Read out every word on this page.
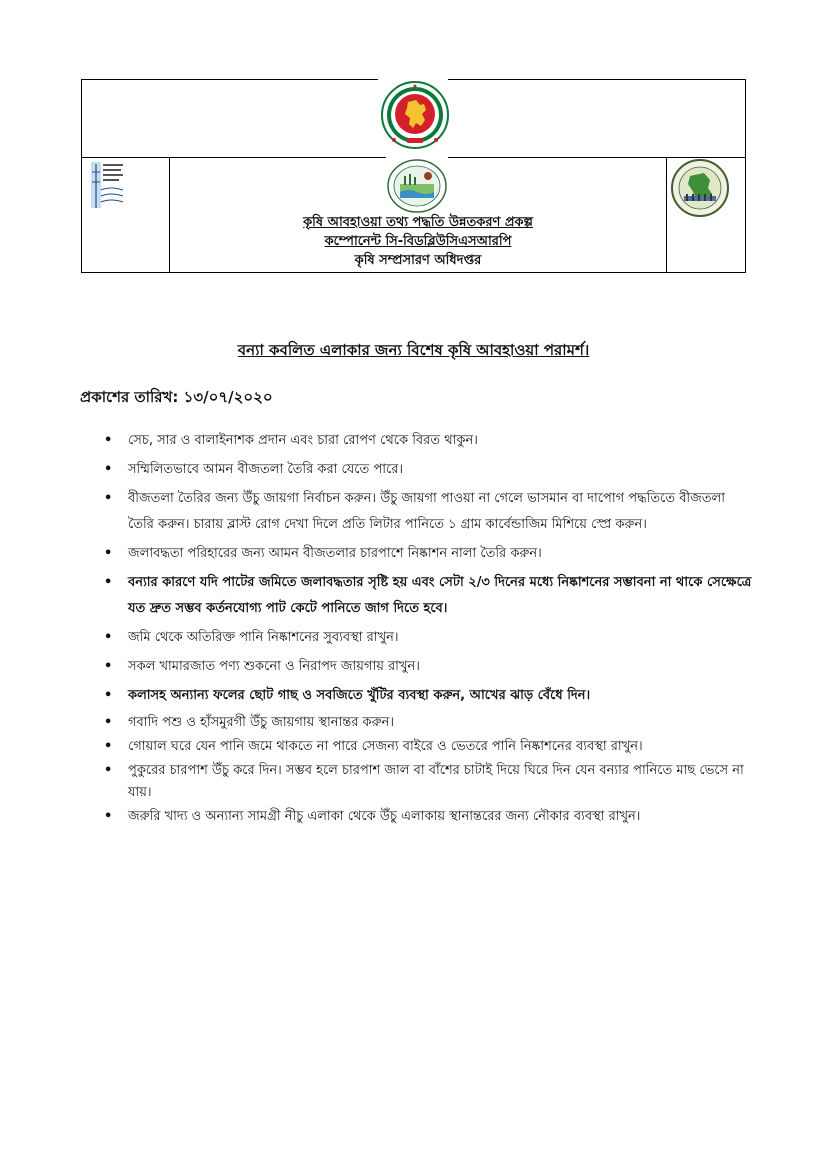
কৃষি আবহাওয়া তথ্য পদ্ধতি উন্নতকরণ প্রকল্প
কম্পোনেন্ট সি-বিডব্লিউসিএসআরপি
কৃষি সম্প্রসারণ অধিদপ্তর
বন্যা কবলিত এলাকার জন্য বিশেষ কৃষি আবহাওয়া পরামর্শ।
প্রকাশের তারিখ: ১৩/০৭/২০২০
• সেচ, সার ও বালাইনাশক প্রদান এবং চারা রোপণ থেকে বিরত থাকুন।
• সম্মিলিতভাবে আমন বীজতলা তৈরি করা যেতে পারে।
• বীজতলা তৈরির জন্য উঁচু জায়গা নির্বাচন করুন। উঁচু জায়গা পাওয়া না গেলে ভাসমান বা দাপোগ পদ্ধতিতে বীজতলা তৈরি করুন। চারায় ব্লাস্ট রোগ দেখা দিলে প্রতি লিটার পানিতে ১ গ্রাম কার্বেন্ডাজিম মিশিয়ে স্প্রে করুন।
• জলাবদ্ধতা পরিহারের জন্য আমন বীজতলার চারপাশে নিষ্কাশন নালা তৈরি করুন।
• বন্যার কারণে যদি পাটের জমিতে জলাবদ্ধতার সৃষ্টি হয় এবং সেটা ২/৩ দিনের মধ্যে নিষ্কাশনের সম্ভাবনা না থাকে সেক্ষেত্রে যত দ্রুত সম্ভব কর্তনযোগ্য পাট কেটে পানিতে জাগ দিতে হবে।
• জমি থেকে অতিরিক্ত পানি নিষ্কাশনের সুব্যবস্থা রাখুন।
• সকল খামারজাত পণ্য শুকনো ও নিরাপদ জায়গায় রাখুন।
• কলাসহ অন্যান্য ফলের ছোট গাছ ও সবজিতে খুঁটির ব্যবস্থা করুন, আখের ঝাড় বেঁধে দিন।
• গবাদি পশু ও হাঁসমুরগী উঁচু জায়গায় স্থানান্তর করুন।
• গোয়াল ঘরে যেন পানি জমে থাকতে না পারে সেজন্য বাইরে ও ভেতরে পানি নিষ্কাশনের ব্যবস্থা রাখুন।
• পুকুরের চারপাশ উঁচু করে দিন। সম্ভব হলে চারপাশ জাল বা বাঁশের চাটাই দিয়ে ঘিরে দিন যেন বন্যার পানিতে মাছ ভেসে না যায়।
• জরুরি খাদ্য ও অন্যান্য সামগ্রী নীচু এলাকা থেকে উঁচু এলাকায় স্থানান্তরের জন্য নৌকার ব্যবস্থা রাখুন।
